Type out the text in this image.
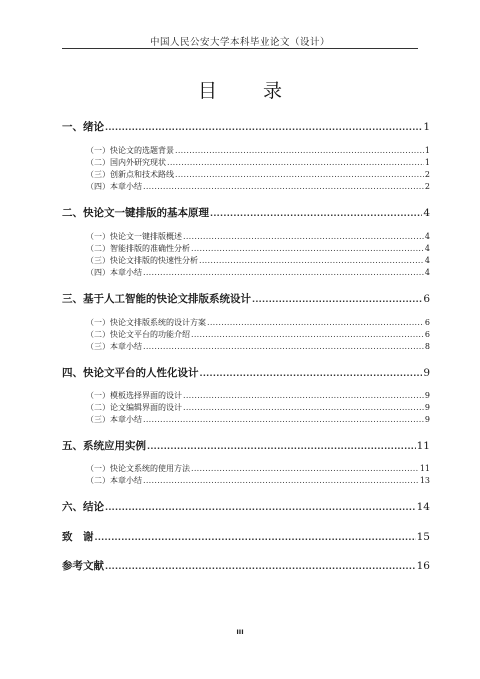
中国人民公安大学本科毕业论文（设计）
目 录
一、绪论 .....	1
（一）快论文的选题背景 .....	1
（二）国内外研究现状 .....	1
（三）创新点和技术路线 .....	2
（四）本章小结 .....	2
二、快论文一键排版的基本原理 .....	4
（一）快论文一键排版概述 .....	4
（二）智能排版的准确性分析 .....	4
（三）快论文排版的快速性分析 .....	4
（四）本章小结 .....	4
三、基于人工智能的快论文排版系统设计 .....	6
（一）快论文排版系统的设计方案 .....	6
（二）快论文平台的功能介绍 .....	6
（三）本章小结 .....	8
四、快论文平台的人性化设计 .....	9
（一）模板选择界面的设计 .....	9
（二）论文编辑界面的设计 .....	9
（三）本章小结 .....	9
五、系统应用实例 .....	11
（一）快论文系统的使用方法 .....	11
（二）本章小结 .....	13
六、结论 .....	14
致　谢 .....	15
参考文献 .....	16
III
